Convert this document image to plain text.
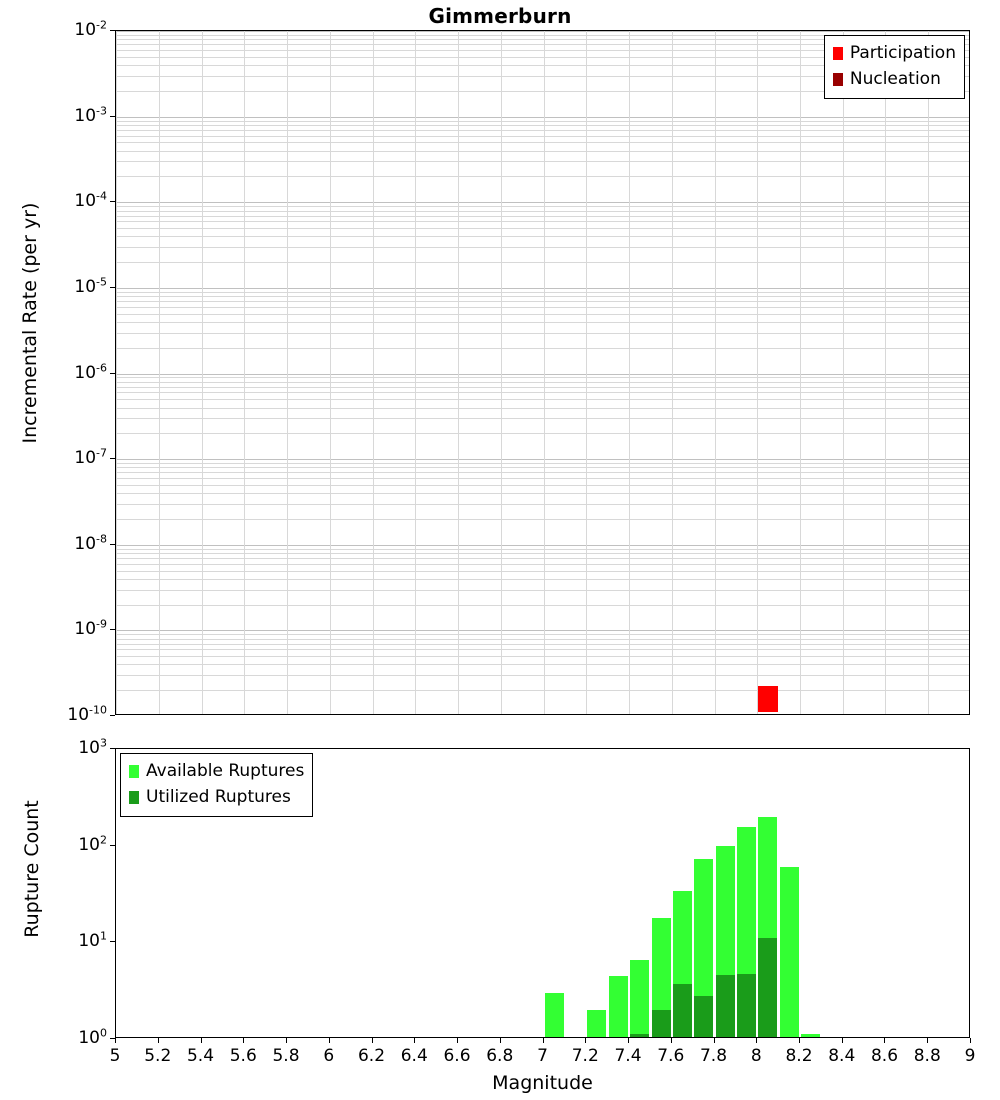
Gimmerburn
Participation
Nucleation
$10^{-2}$
$10^{-3}$
$10^{-4}$
$10^{-5}$
$10^{-6}$
$10^{-7}$
$10^{-8}$
$10^{-9}$
$10^{-10}$
Incremental Rate (per yr)
Available Ruptures
Utilized Ruptures
$10^3$
$10^2$
$10^1$
$10^0$
Rupture Count
5 5.2 5.4 5.6 5.8 6 6.2 6.4 6.6 6.8 7 7.2 7.4 7.6 7.8 8 8.2 8.4 8.6 8.8 9
Magnitude
